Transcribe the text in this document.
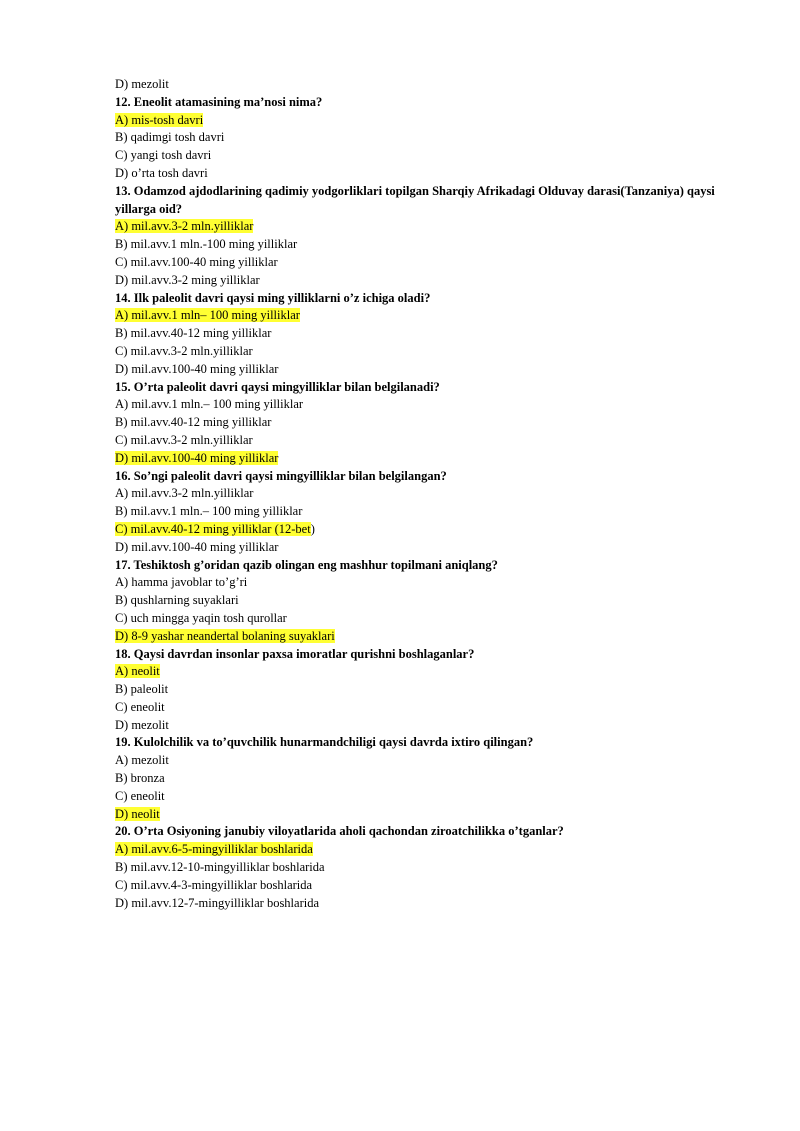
D) mezolit
12. Eneolit atamasining ma’nosi nima?
A) mis-tosh davri
B) qadimgi tosh davri
C) yangi tosh davri
D) o’rta tosh davri
13. Odamzod ajdodlarining qadimiy yodgorliklari topilgan Sharqiy Afrikadagi Olduvay darasi(Tanzaniya) qaysi yillarga oid?
A) mil.avv.3-2 mln.yilliklar
B) mil.avv.1 mln.-100 ming yilliklar
C) mil.avv.100-40 ming yilliklar
D) mil.avv.3-2 ming yilliklar
14. Ilk paleolit davri qaysi ming yilliklarni o’z ichiga oladi?
A) mil.avv.1 mln– 100 ming yilliklar
B) mil.avv.40-12 ming yilliklar
C) mil.avv.3-2 mln.yilliklar
D) mil.avv.100-40 ming yilliklar
15. O’rta paleolit davri qaysi mingyilliklar bilan belgilanadi?
A) mil.avv.1 mln.– 100 ming yilliklar
B) mil.avv.40-12 ming yilliklar
C) mil.avv.3-2 mln.yilliklar
D) mil.avv.100-40 ming yilliklar
16. So’ngi paleolit davri qaysi mingyilliklar bilan belgilangan?
A) mil.avv.3-2 mln.yilliklar
B) mil.avv.1 mln.– 100 ming yilliklar
C) mil.avv.40-12 ming yilliklar (12-bet)
D) mil.avv.100-40 ming yilliklar
17. Teshiktosh g’oridan qazib olingan eng mashhur topilmani aniqlang?
A) hamma javoblar to’g’ri
B) qushlarning suyaklari
C) uch mingga yaqin tosh qurollar
D) 8-9 yashar neandertal bolaning suyaklari
18. Qaysi davrdan insonlar paxsa imoratlar qurishni boshlaganlar?
A) neolit
B) paleolit
C) eneolit
D) mezolit
19. Kulolchilik va to’quvchilik hunarmandchiligi qaysi davrda ixtiro qilingan?
A) mezolit
B) bronza
C) eneolit
D) neolit
20. O’rta Osiyoning janubiy viloyatlarida aholi qachondan ziroatchilikka o’tganlar?
A) mil.avv.6-5-mingyilliklar boshlarida
B) mil.avv.12-10-mingyilliklar boshlarida
C) mil.avv.4-3-mingyilliklar boshlarida
D) mil.avv.12-7-mingyilliklar boshlarida
